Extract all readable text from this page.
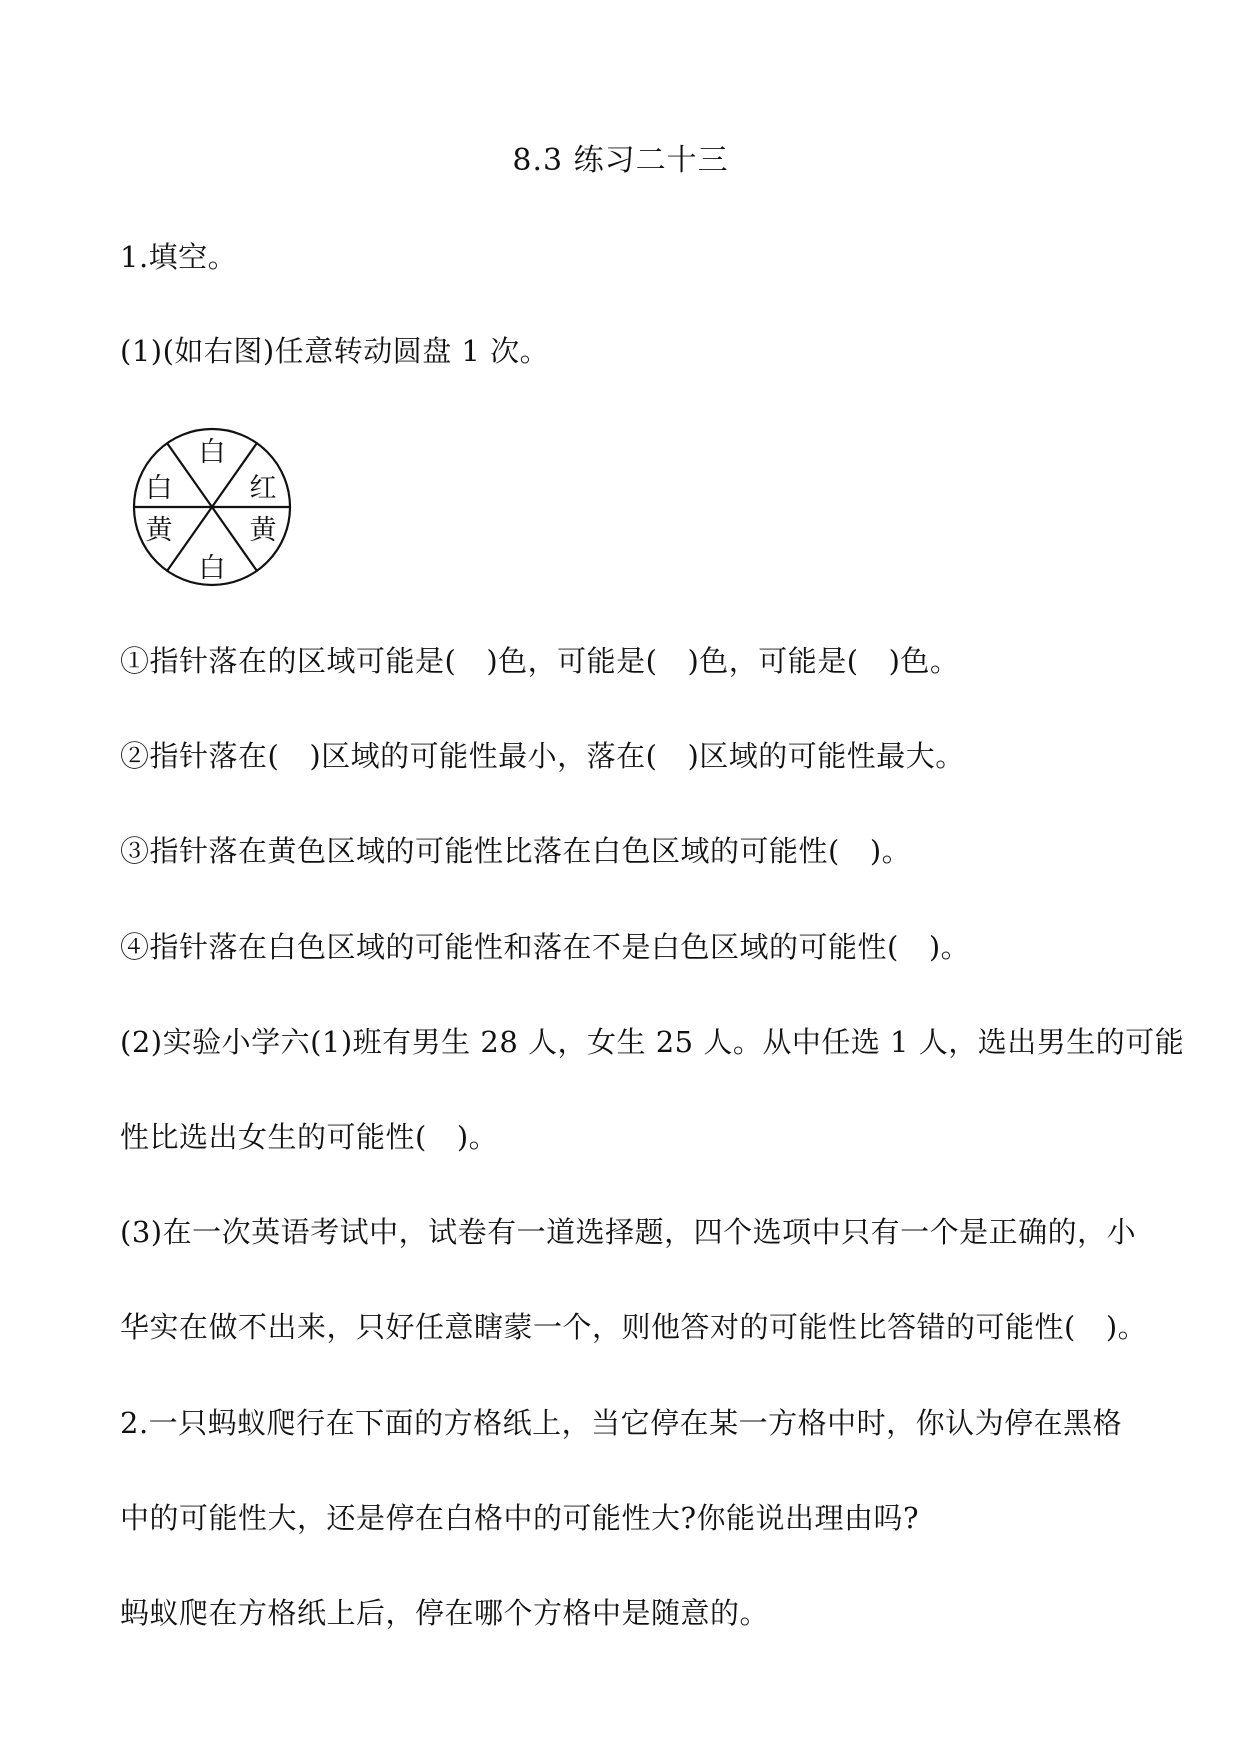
8.3 练习二十三
1.填空。
(1)(如右图)任意转动圆盘 1 次。
白
白	红
黄	黄
白
①指针落在的区域可能是( )色，可能是( )色，可能是( )色。
②指针落在( )区域的可能性最小，落在( )区域的可能性最大。
③指针落在黄色区域的可能性比落在白色区域的可能性( )。
④指针落在白色区域的可能性和落在不是白色区域的可能性( )。
(2)实验小学六(1)班有男生 28 人，女生 25 人。从中任选 1 人，选出男生的可能
性比选出女生的可能性( )。
(3)在一次英语考试中，试卷有一道选择题，四个选项中只有一个是正确的，小
华实在做不出来，只好任意瞎蒙一个，则他答对的可能性比答错的可能性( )。
2.一只蚂蚁爬行在下面的方格纸上，当它停在某一方格中时，你认为停在黑格
中的可能性大，还是停在白格中的可能性大?你能说出理由吗?
蚂蚁爬在方格纸上后，停在哪个方格中是随意的。
